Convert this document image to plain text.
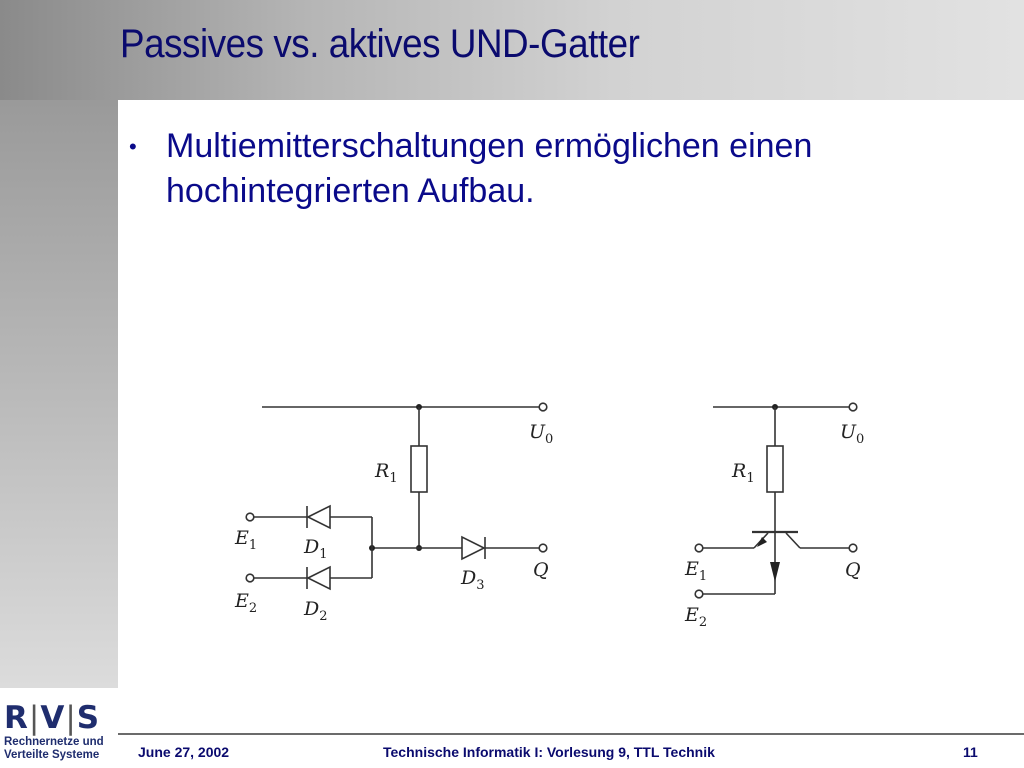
Passives vs. aktives UND-Gatter
• Multiemitterschaltungen ermöglichen einen
hochintegrierten Aufbau.
$U_0$
$R_1$
$E_1$ $D_1$
$D_3$
Q
$E_2$ $D_2$
$U_0$
$R_1$
$E_1$	Q
$E_2$
R|V|S
Rechnernetze und
Verteilte Systeme	June 27, 2002	Technische Informatik I: Vorlesung 9, TTL Technik	11
